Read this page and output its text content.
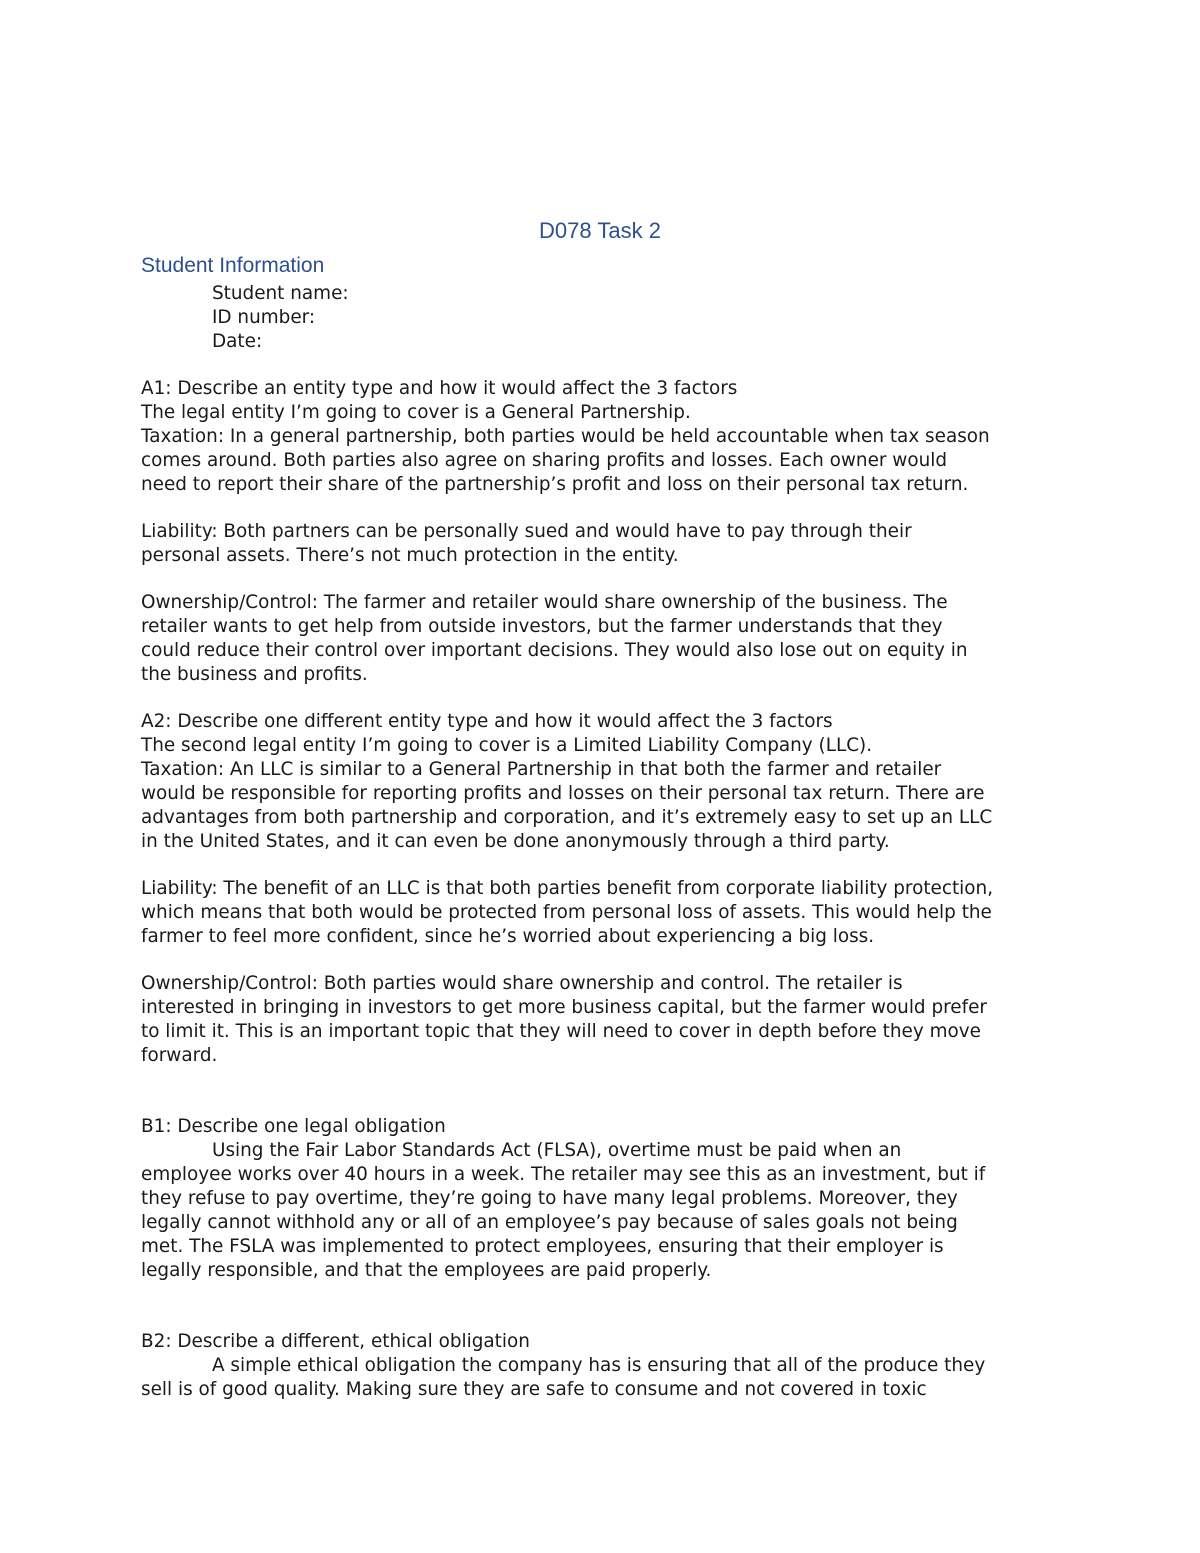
D078 Task 2
Student Information

Student name:
ID number:
Date:

A1: Describe an entity type and how it would affect the 3 factors
The legal entity I’m going to cover is a General Partnership.
Taxation: In a general partnership, both parties would be held accountable when tax season
comes around. Both parties also agree on sharing profits and losses. Each owner would
need to report their share of the partnership’s profit and loss on their personal tax return.

Liability: Both partners can be personally sued and would have to pay through their
personal assets. There’s not much protection in the entity.

Ownership/Control: The farmer and retailer would share ownership of the business. The
retailer wants to get help from outside investors, but the farmer understands that they
could reduce their control over important decisions. They would also lose out on equity in
the business and profits.

A2: Describe one different entity type and how it would affect the 3 factors
The second legal entity I’m going to cover is a Limited Liability Company (LLC).
Taxation: An LLC is similar to a General Partnership in that both the farmer and retailer
would be responsible for reporting profits and losses on their personal tax return. There are
advantages from both partnership and corporation, and it’s extremely easy to set up an LLC
in the United States, and it can even be done anonymously through a third party.

Liability: The benefit of an LLC is that both parties benefit from corporate liability protection,
which means that both would be protected from personal loss of assets. This would help the
farmer to feel more confident, since he’s worried about experiencing a big loss.

Ownership/Control: Both parties would share ownership and control. The retailer is
interested in bringing in investors to get more business capital, but the farmer would prefer
to limit it. This is an important topic that they will need to cover in depth before they move
forward.

B1: Describe one legal obligation
Using the Fair Labor Standards Act (FLSA), overtime must be paid when an
employee works over 40 hours in a week. The retailer may see this as an investment, but if
they refuse to pay overtime, they’re going to have many legal problems. Moreover, they
legally cannot withhold any or all of an employee’s pay because of sales goals not being
met. The FSLA was implemented to protect employees, ensuring that their employer is
legally responsible, and that the employees are paid properly.

B2: Describe a different, ethical obligation
A simple ethical obligation the company has is ensuring that all of the produce they
sell is of good quality. Making sure they are safe to consume and not covered in toxic
